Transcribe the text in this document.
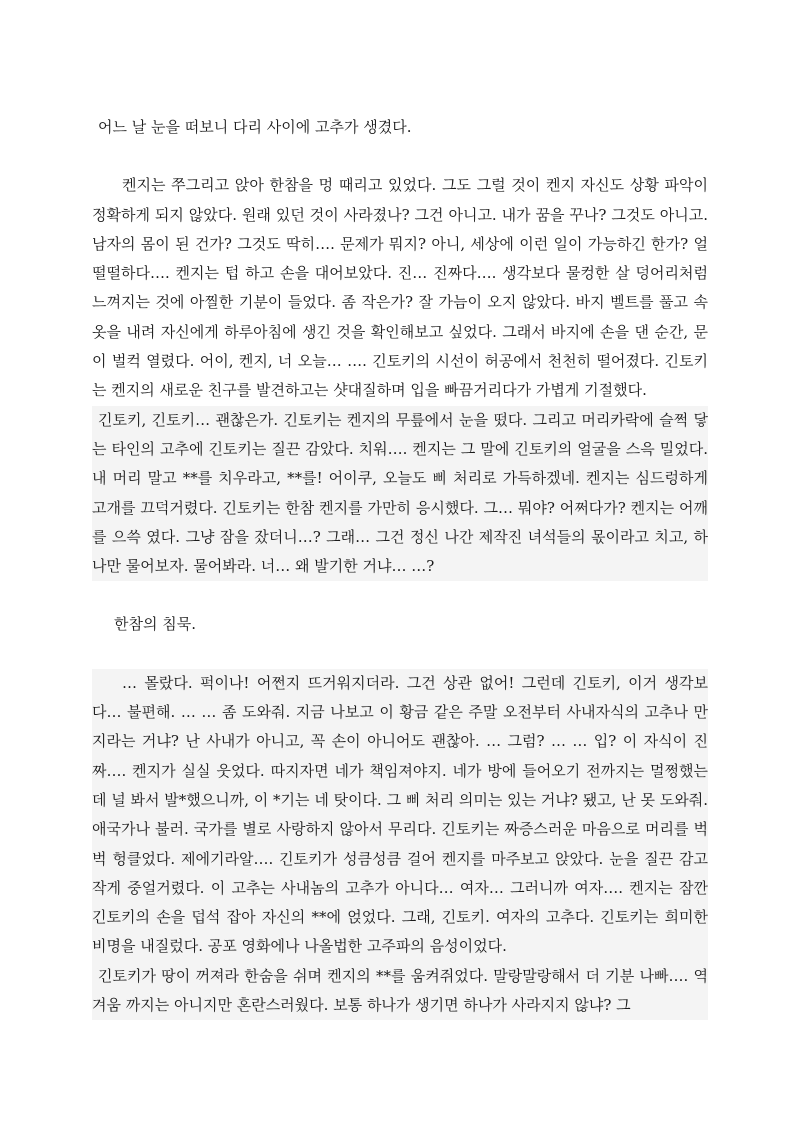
어느 날 눈을 떠보니 다리 사이에 고추가 생겼다.

켄지는 쭈그리고 앉아 한참을 멍 때리고 있었다. 그도 그럴 것이 켄지 자신도 상황 파악이 정확하게 되지 않았다. 원래 있던 것이 사라졌나? 그건 아니고. 내가 꿈을 꾸나? 그것도 아니고. 남자의 몸이 된 건가? 그것도 딱히…. 문제가 뭐지? 아니, 세상에 이런 일이 가능하긴 한가? 얼떨떨하다…. 켄지는 텁 하고 손을 대어보았다. 진… 진짜다…. 생각보다 물컹한 살 덩어리처럼 느껴지는 것에 아찔한 기분이 들었다. 좀 작은가? 잘 가늠이 오지 않았다. 바지 벨트를 풀고 속옷을 내려 자신에게 하루아침에 생긴 것을 확인해보고 싶었다. 그래서 바지에 손을 댄 순간, 문이 벌컥 열렸다. 어이, 켄지, 너 오늘… …. 긴토키의 시선이 허공에서 천천히 떨어졌다. 긴토키는 켄지의 새로운 친구를 발견하고는 샷대질하며 입을 빠끔거리다가 가볍게 기절했다.

긴토키, 긴토키… 괜찮은가. 긴토키는 켄지의 무릎에서 눈을 떴다. 그리고 머리카락에 슬쩍 닿는 타인의 고추에 긴토키는 질끈 감았다. 치워…. 켄지는 그 말에 긴토키의 얼굴을 스윽 밀었다. 내 머리 말고 **를 치우라고, **를! 어이쿠, 오늘도 삐 처리로 가득하겠네. 켄지는 심드렁하게 고개를 끄덕거렸다. 긴토키는 한참 켄지를 가만히 응시했다. 그… 뭐야? 어쩌다가? 켄지는 어깨를 으쓱 였다. 그냥 잠을 잤더니…? 그래… 그건 정신 나간 제작진 녀석들의 몫이라고 치고, 하나만 물어보자. 물어봐라. 너… 왜 발기한 거냐… …?

한참의 침묵.

… 몰랐다. 퍽이나! 어쩐지 뜨거워지더라. 그건 상관 없어! 그런데 긴토키, 이거 생각보다… 불편해. … … 좀 도와줘. 지금 나보고 이 황금 같은 주말 오전부터 사내자식의 고추나 만지라는 거냐? 난 사내가 아니고, 꼭 손이 아니어도 괜찮아. … 그럼? … … 입? 이 자식이 진짜…. 켄지가 실실 웃었다. 따지자면 네가 책임져야지. 네가 방에 들어오기 전까지는 멀쩡했는데 널 봐서 발*했으니까, 이 *기는 네 탓이다. 그 삐 처리 의미는 있는 거냐? 됐고, 난 못 도와줘. 애국가나 불러. 국가를 별로 사랑하지 않아서 무리다. 긴토키는 짜증스러운 마음으로 머리를 벅벅 헝클었다. 제에기라알…. 긴토키가 성큼성큼 걸어 켄지를 마주보고 앉았다. 눈을 질끈 감고 작게 중얼거렸다. 이 고추는 사내놈의 고추가 아니다… 여자… 그러니까 여자…. 켄지는 잠깐 긴토키의 손을 덥석 잡아 자신의 **에 얹었다. 그래, 긴토키. 여자의 고추다. 긴토키는 희미한 비명을 내질렀다. 공포 영화에나 나올법한 고주파의 음성이었다.

긴토키가 땅이 꺼져라 한숨을 쉬며 켄지의 **를 움켜쥐었다. 말랑말랑해서 더 기분 나빠…. 역겨움 까지는 아니지만 혼란스러웠다. 보통 하나가 생기면 하나가 사라지지 않냐? 그
